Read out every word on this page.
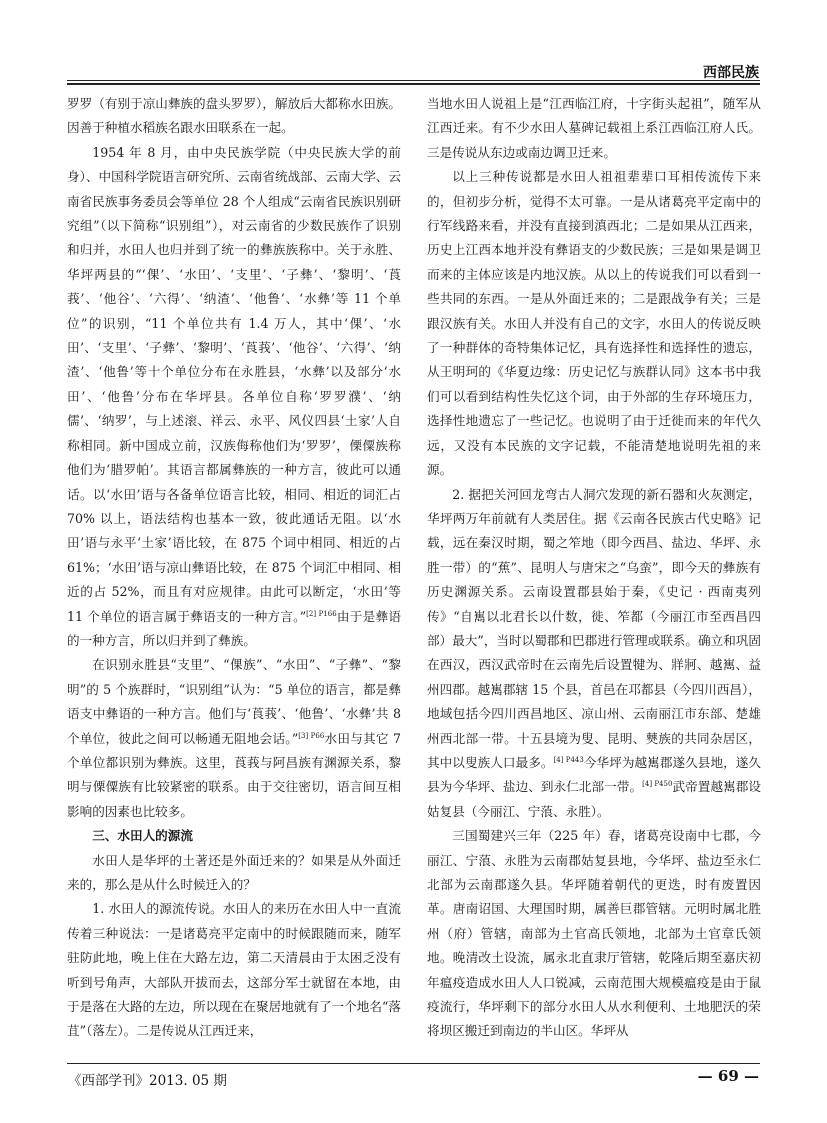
西部民族

罗罗（有别于凉山彝族的盘头罗罗），解放后大都称水田族。因善于种植水稻族名跟水田联系在一起。

1954 年 8 月，由中央民族学院（中央民族大学的前身）、中国科学院语言研究所、云南省统战部、云南大学、云南省民族事务委员会等单位 28 个人组成“云南省民族识别研究组”（以下简称“识别组”），对云南省的少数民族作了识别和归并，水田人也归并到了统一的彝族族称中。关于永胜、华坪两县的“‘倮’、‘水田’、‘支里’、‘子彝’、‘黎明’、‘莨莪’、‘他谷’、‘六得’、‘纳渣’、‘他鲁’、‘水彝’等 11 个单位”的识别，“11 个单位共有 1.4 万人，其中‘倮’、‘水田’、‘支里’、‘子彝’、‘黎明’、‘莨莪’、‘他谷’、‘六得’、‘纳渣’、‘他鲁’等十个单位分布在永胜县，‘水彝’以及部分‘水田’、‘他鲁’分布在华坪县。各单位自称‘罗罗濮’、‘纳儒’、‘纳罗’，与上述滚、祥云、永平、风仪四县‘土家’人自称相同。新中国成立前，汉族侮称他们为‘罗罗’，傈僳族称他们为‘腊罗帕’。其语言都属彝族的一种方言，彼此可以通话。以‘水田’语与各备单位语言比较，相同、相近的词汇占 70% 以上，语法结构也基本一致，彼此通话无阻。以‘水田’语与永平‘土家’语比较，在 875 个词中相同、相近的占 61%；‘水田’语与凉山彝语比较，在 875 个词汇中相同、相近的占 52%，而且有对应规律。由此可以断定，‘水田’等 11 个单位的语言属于彝语支的一种方言。”$^{[2] P166}$由于是彝语的一种方言，所以归并到了彝族。

在识别永胜县“支里”、“倮族”、“水田”、“子彝”、“黎明”的 5 个族群时，“识别组”认为：“5 单位的语言，都是彝语支中彝语的一种方言。他们与‘莨莪’、‘他鲁’、‘水彝’共 8 个单位，彼此之间可以畅通无阻地会话。”$^{[3] P66}$水田与其它 7 个单位都识别为彝族。这里，莨莪与阿昌族有渊源关系，黎明与傈僳族有比较紧密的联系。由于交往密切，语言间互相影响的因素也比较多。

三、水田人的源流

水田人是华坪的土著还是外面迁来的？如果是从外面迁来的，那么是从什么时候迁入的？

1. 水田人的源流传说。水田人的来历在水田人中一直流传着三种说法：一是诸葛亮平定南中的时候跟随而来，随军驻防此地，晚上住在大路左边，第二天清晨由于太困乏没有听到号角声，大部队开拔而去，这部分军士就留在本地，由于是落在大路的左边，所以现在在聚居地就有了一个地名“落苴”（落左）。二是传说从江西迁来，

当地水田人说祖上是“江西临江府，十字街头起祖”，随军从江西迁来。有不少水田人墓碑记载祖上系江西临江府人氏。三是传说从东边或南边调卫迁来。

以上三种传说都是水田人祖祖辈辈口耳相传流传下来的，但初步分析，觉得不太可靠。一是从诸葛亮平定南中的行军线路来看，并没有直接到滇西北；二是如果从江西来，历史上江西本地并没有彝语支的少数民族；三是如果是调卫而来的主体应该是内地汉族。从以上的传说我们可以看到一些共同的东西。一是从外面迁来的；二是跟战争有关；三是跟汉族有关。水田人并没有自己的文字，水田人的传说反映了一种群体的奇特集体记忆，具有选择性和选择性的遗忘，从王明珂的《华夏边缘：历史记忆与族群认同》这本书中我们可以看到结构性失忆这个词，由于外部的生存环境压力，选择性地遗忘了一些记忆。也说明了由于迁徙而来的年代久远，又没有本民族的文字记载，不能清楚地说明先祖的来源。

2. 据把关河回龙弯古人洞穴发现的新石器和火灰测定，华坪两万年前就有人类居住。据《云南各民族古代史略》记载，远在秦汉时期，蜀之笮地（即今西昌、盐边、华坪、永胜一带）的“蕉”、昆明人与唐宋之“乌蛮”，即今天的彝族有历史渊源关系。云南设置郡县始于秦，《史记 · 西南夷列传》“自嶲以北君长以什数，徙、笮都（今丽江市至西昌四部）最大”，当时以蜀郡和巴郡进行管理或联系。确立和巩固在西汉，西汉武帝时在云南先后设置犍为、牂牁、越嶲、益州四郡。越嶲郡辖 15 个县，首邑在邛都县（今四川西昌），地域包括今四川西昌地区、凉山州、云南丽江市东部、楚雄州西北部一带。十五县境为叟、昆明、僰族的共同杂居区，其中以叟族人口最多。$^{[4] P443}$今华坪为越嶲郡遂久县地，遂久县为今华坪、盐边、到永仁北部一带。$^{[4] P450}$武帝置越嶲郡设姑复县（今丽江、宁蒗、永胜）。

三国蜀建兴三年（225 年）春，诸葛亮设南中七郡，今丽江、宁蒗、永胜为云南郡姑复县地，今华坪、盐边至永仁北部为云南郡遂久县。华坪随着朝代的更迭，时有废置因革。唐南诏国、大理国时期，属善巨郡管辖。元明时属北胜州（府）管辖，南部为土官高氏领地，北部为土官章氏领地。晚清改土设流，属永北直隶厅管辖，乾隆后期至嘉庆初年瘟疫造成水田人人口锐减，云南范围大规模瘟疫是由于鼠疫流行，华坪剩下的部分水田人从水利便利、土地肥沃的荣将坝区搬迁到南边的半山区。华坪从

《西部学刊》2013. 05 期	— 69 —
